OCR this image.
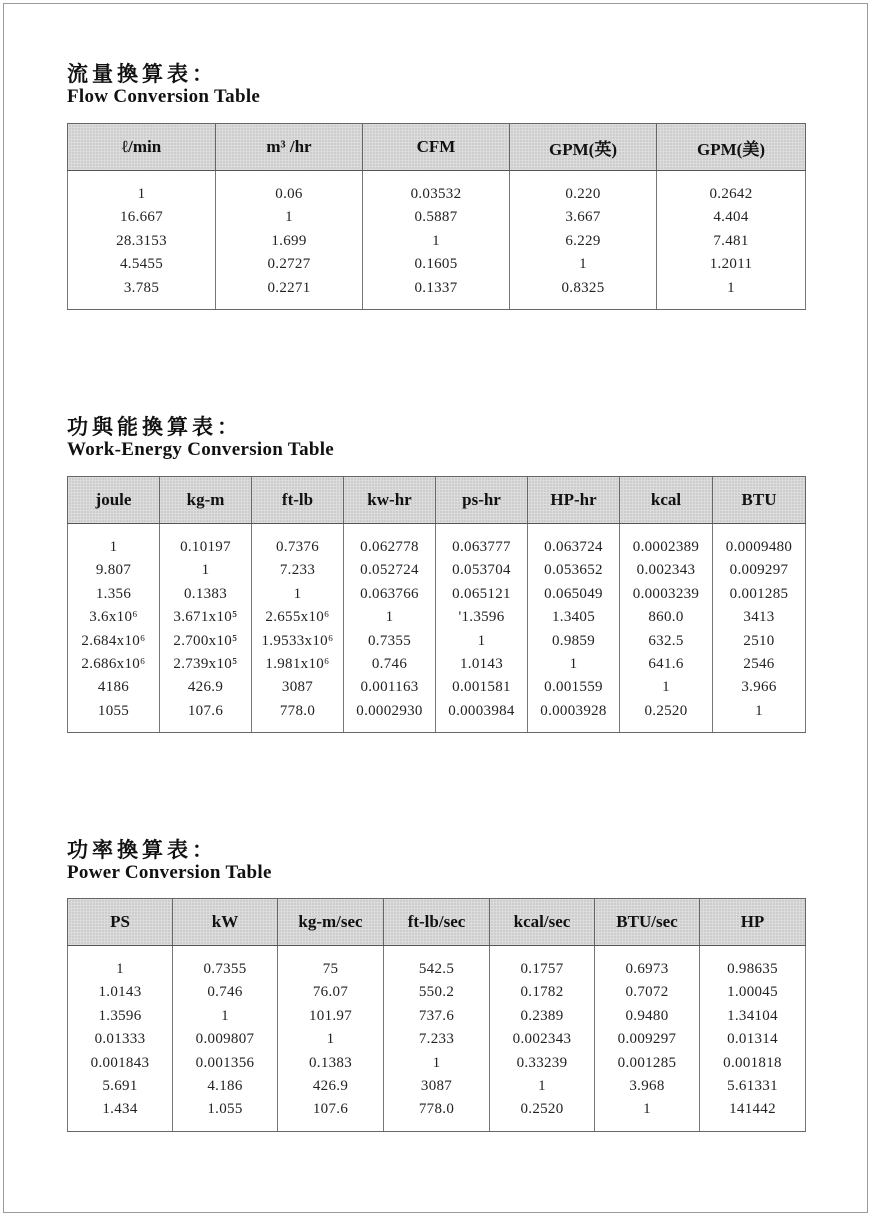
流量換算表：
Flow Conversion Table
ℓ/min	m³ /hr	CFM	GPM(英)	GPM(美)

1	0.06	0.03532	0.220	0.2642
16.667	1	0.5887	3.667	4.404
28.3153	1.699	1	6.229	7.481
4.5455	0.2727	0.1605	1	1.2011
3.785	0.2271	0.1337	0.8325	1

功與能換算表：
Work-Energy Conversion Table
joule	kg-m	ft-lb	kw-hr	ps-hr	HP-hr	kcal	BTU

1	0.10197	0.7376	0.062778	0.063777	0.063724	0.0002389	0.0009480
9.807	1	7.233	0.052724	0.053704	0.053652	0.002343	0.009297
1.356	0.1383	1	0.063766	0.065121	0.065049	0.0003239	0.001285
3.6x10⁶	3.671x10⁵	2.655x10⁶	1	'1.3596	1.3405	860.0	3413
2.684x10⁶	2.700x10⁵	1.9533x10⁶	0.7355	1	0.9859	632.5	2510
2.686x10⁶	2.739x10⁵	1.981x10⁶	0.746	1.0143	1	641.6	2546
4186	426.9	3087	0.001163	0.001581	0.001559	1	3.966
1055	107.6	778.0	0.0002930	0.0003984	0.0003928	0.2520	1

功率換算表：
Power Conversion Table
PS	kW	kg-m/sec	ft-lb/sec	kcal/sec	BTU/sec	HP

1	0.7355	75	542.5	0.1757	0.6973	0.98635
1.0143	0.746	76.07	550.2	0.1782	0.7072	1.00045
1.3596	1	101.97	737.6	0.2389	0.9480	1.34104
0.01333	0.009807	1	7.233	0.002343	0.009297	0.01314
0.001843	0.001356	0.1383	1	0.33239	0.001285	0.001818
5.691	4.186	426.9	3087	1	3.968	5.61331
1.434	1.055	107.6	778.0	0.2520	1	141442
